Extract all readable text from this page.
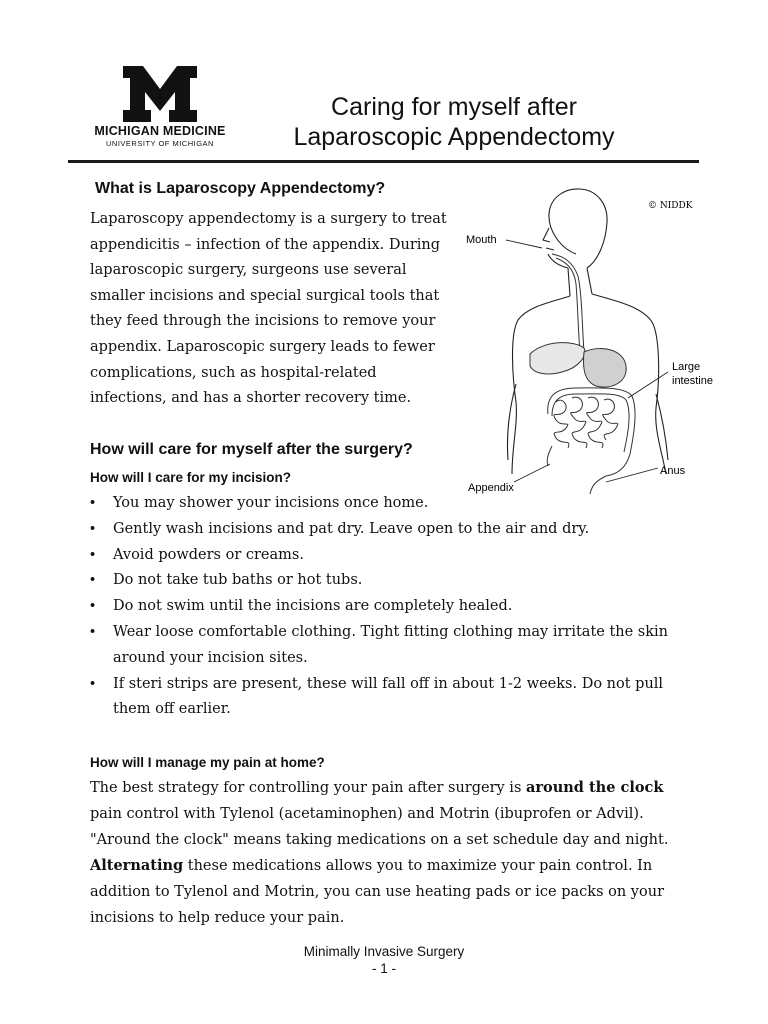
MICHIGAN MEDICINE
UNIVERSITY OF MICHIGAN
Caring for myself after
Laparoscopic Appendectomy
What is Laparoscopy Appendectomy?
Laparoscopy appendectomy is a surgery to treat appendicitis – infection of the appendix. During laparoscopic surgery, surgeons use several smaller incisions and special surgical tools that they feed through the incisions to remove your appendix. Laparoscopic surgery leads to fewer complications, such as hospital-related infections, and has a shorter recovery time.
© NIDDK
Mouth
Large
intestine
Anus
Appendix
How will care for myself after the surgery?
How will I care for my incision?
• You may shower your incisions once home.
• Gently wash incisions and pat dry. Leave open to the air and dry.
• Avoid powders or creams.
• Do not take tub baths or hot tubs.
• Do not swim until the incisions are completely healed.
• Wear loose comfortable clothing. Tight fitting clothing may irritate the skin around your incision sites.
• If steri strips are present, these will fall off in about 1-2 weeks. Do not pull them off earlier.
How will I manage my pain at home?
The best strategy for controlling your pain after surgery is around the clock pain control with Tylenol (acetaminophen) and Motrin (ibuprofen or Advil). "Around the clock" means taking medications on a set schedule day and night. Alternating these medications allows you to maximize your pain control. In addition to Tylenol and Motrin, you can use heating pads or ice packs on your incisions to help reduce your pain.
Minimally Invasive Surgery
- 1 -
